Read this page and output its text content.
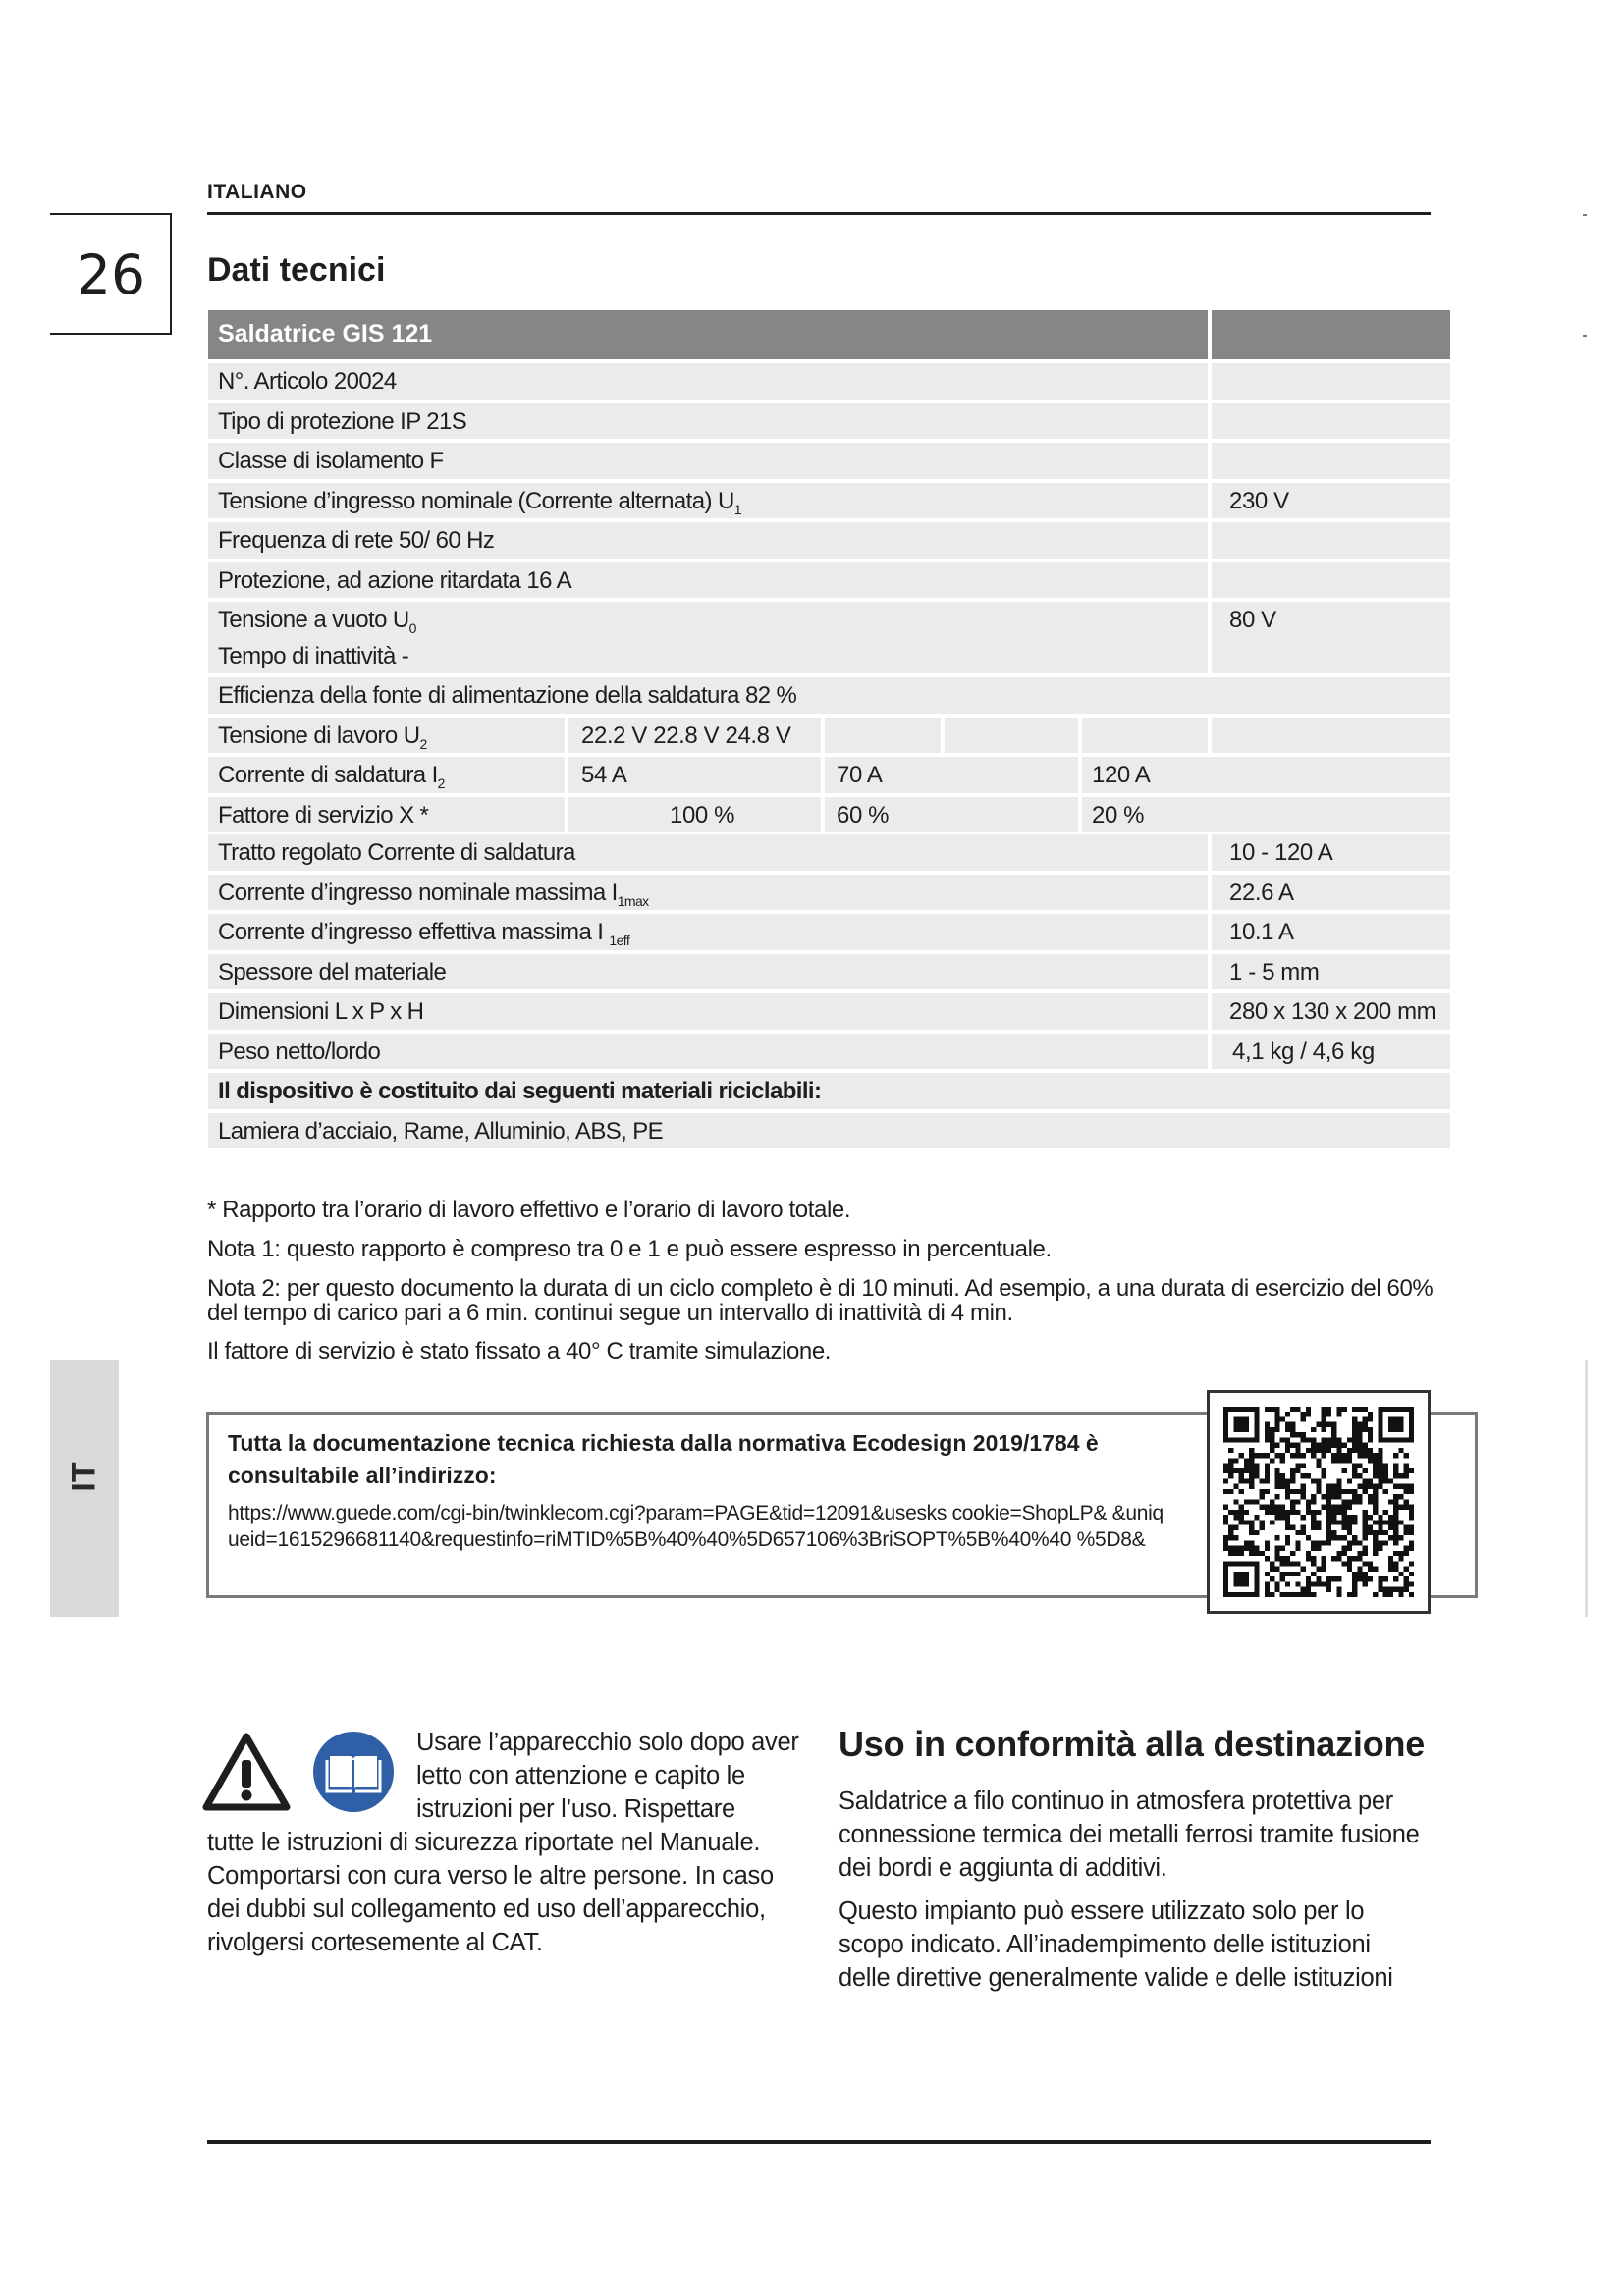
ITALIANO
26	Dati tecnici
Saldatrice GIS 121
N°. Articolo 20024
Tipo di protezione IP 21S
Classe di isolamento F
Tensione d’ingresso nominale (Corrente alternata) $U_1$	230 V
Frequenza di rete 50/ 60 Hz
Protezione, ad azione ritardata 16 A
Tensione a vuoto $U_0$	80 V
Tempo di inattività -
Efficienza della fonte di alimentazione della saldatura 82 %
Tensione di lavoro $U_2$	22.2 V 22.8 V 24.8 V
Corrente di saldatura $I_2$	54 A	70 A	120 A
Fattore di servizio X *	100 %	60 %	20 %
Tratto regolato Corrente di saldatura	10 - 120 A
Corrente d’ingresso nominale massima $I_{1max}$	22.6 A
Corrente d’ingresso effettiva massima I $_{1eff}$	10.1 A
Spessore del materiale	1 - 5 mm
Dimensioni L x P x H	280 x 130 x 200 mm
Peso netto/lordo	4,1 kg / 4,6 kg
Il dispositivo è costituito dai seguenti materiali riciclabili:
Lamiera d’acciaio, Rame, Alluminio, ABS, PE

* Rapporto tra l’orario di lavoro effettivo e l’orario di lavoro totale.

Nota 1: questo rapporto è compreso tra 0 e 1 e può essere espresso in percentuale.

Nota 2: per questo documento la durata di un ciclo completo è di 10 minuti. Ad esempio, a una durata di esercizio del 60% del tempo di carico pari a 6 min. continui segue un intervallo di inattività di 4 min.

Il fattore di servizio è stato fissato a 40° C tramite simulazione.

IT
Tutta la documentazione tecnica richiesta dalla normativa Ecodesign 2019/1784 è consultabile all’indirizzo:
https://www.guede.com/cgi-bin/twinklecom.cgi?param=PAGE&tid=12091&usesks cookie=ShopLP& &uniqueid=1615296681140&requestinfo=riMTID%5B%40%40%5D657106%3BriSOPT%5B%40%40 %5D8&
Usare l’apparecchio solo dopo aver
letto con attenzione e capito le
istruzioni per l’uso. Rispettare
tutte le istruzioni di sicurezza riportate nel Manuale. Comportarsi con cura verso le altre persone. In caso dei dubbi sul collegamento ed uso dell’apparecchio, rivolgersi cortesemente al CAT.
Uso in conformità alla destinazione
Saldatrice a filo continuo in atmosfera protettiva per connessione termica dei metalli ferrosi tramite fusione dei bordi e aggiunta di additivi.
Questo impianto può essere utilizzato solo per lo scopo indicato. All’inadempimento delle istituzioni delle direttive generalmente valide e delle istituzioni
